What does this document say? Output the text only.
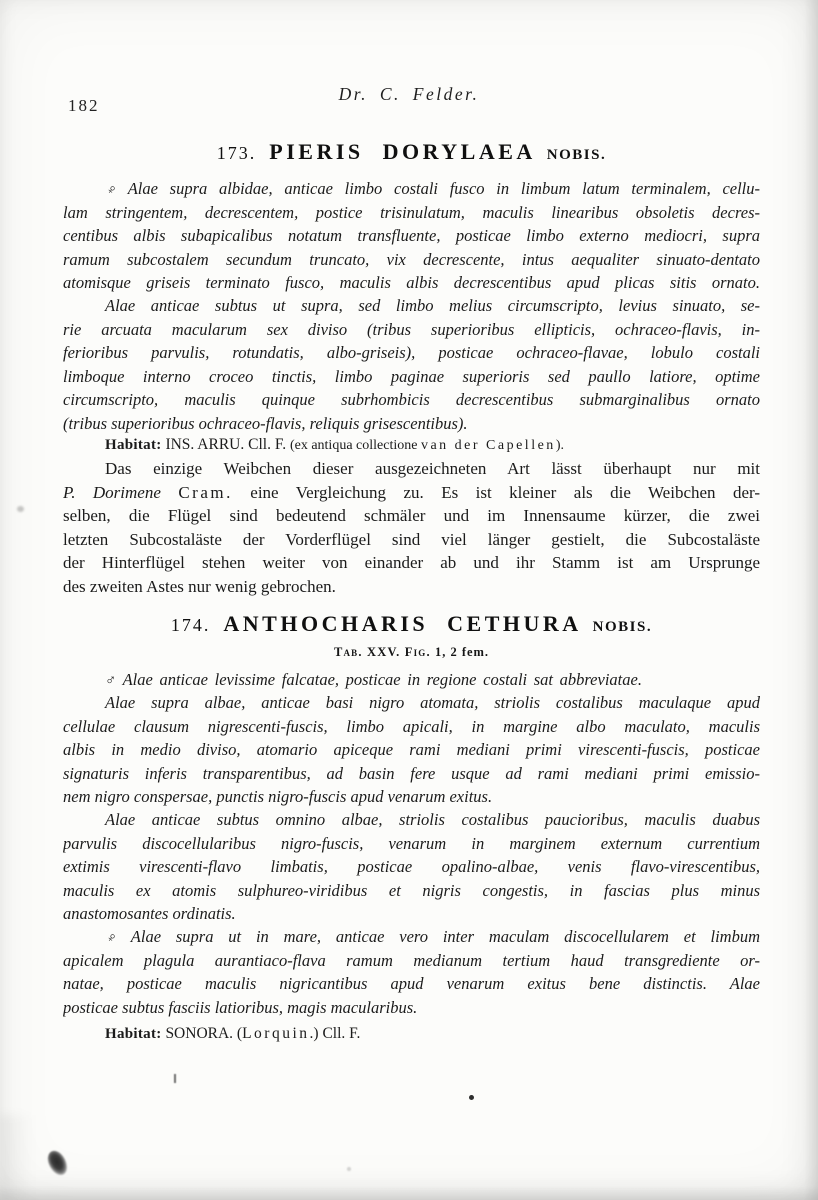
182
Dr. C. Felder.
173. PIERIS DORYLAEA NOBIS.
♀ Alae supra albidae, anticae limbo costali fusco in limbum latum terminalem, cellu-
lam stringentem, decrescentem, postice trisinulatum, maculis linearibus obsoletis decres-
centibus albis subapicalibus notatum transfluente, posticae limbo externo mediocri, supra
ramum subcostalem secundum truncato, vix decrescente, intus aequaliter sinuato-dentato
atomisque griseis terminato fusco, maculis albis decrescentibus apud plicas sitis ornato.
Alae anticae subtus ut supra, sed limbo melius circumscripto, levius sinuato, se-
rie arcuata macularum sex diviso (tribus superioribus ellipticis, ochraceo-flavis, in-
ferioribus parvulis, rotundatis, albo-griseis), posticae ochraceo-flavae, lobulo costali
limboque interno croceo tinctis, limbo paginae superioris sed paullo latiore, optime
circumscripto, maculis quinque subrhombicis decrescentibus submarginalibus ornato
(tribus superioribus ochraceo-flavis, reliquis grisescentibus).
Habitat: INS. ARRU. Cll. F. (ex antiqua collectione van der Capellen).
Das einzige Weibchen dieser ausgezeichneten Art lässt überhaupt nur mit
P. Dorimene Cram. eine Vergleichung zu. Es ist kleiner als die Weibchen der-
selben, die Flügel sind bedeutend schmäler und im Innensaume kürzer, die zwei
letzten Subcostaläste der Vorderflügel sind viel länger gestielt, die Subcostaläste
der Hinterflügel stehen weiter von einander ab und ihr Stamm ist am Ursprunge
des zweiten Astes nur wenig gebrochen.
174. ANTHOCHARIS CETHURA NOBIS.
Tab. XXV. Fig. 1, 2 fem.
♂ Alae anticae levissime falcatae, posticae in regione costali sat abbreviatae.
Alae supra albae, anticae basi nigro atomata, striolis costalibus maculaque apud
cellulae clausum nigrescenti-fuscis, limbo apicali, in margine albo maculato, maculis
albis in medio diviso, atomario apiceque rami mediani primi virescenti-fuscis, posticae
signaturis inferis transparentibus, ad basin fere usque ad rami mediani primi emissio-
nem nigro conspersae, punctis nigro-fuscis apud venarum exitus.
Alae anticae subtus omnino albae, striolis costalibus paucioribus, maculis duabus
parvulis discocellularibus nigro-fuscis, venarum in marginem externum currentium
extimis virescenti-flavo limbatis, posticae opalino-albae, venis flavo-virescentibus,
maculis ex atomis sulphureo-viridibus et nigris congestis, in fascias plus minus
anastomosantes ordinatis.
♀ Alae supra ut in mare, anticae vero inter maculam discocellularem et limbum
apicalem plagula aurantiaco-flava ramum medianum tertium haud transgrediente or-
natae, posticae maculis nigricantibus apud venarum exitus bene distinctis. Alae
posticae subtus fasciis latioribus, magis macularibus.
Habitat: SONORA. (Lorquin.) Cll. F.
